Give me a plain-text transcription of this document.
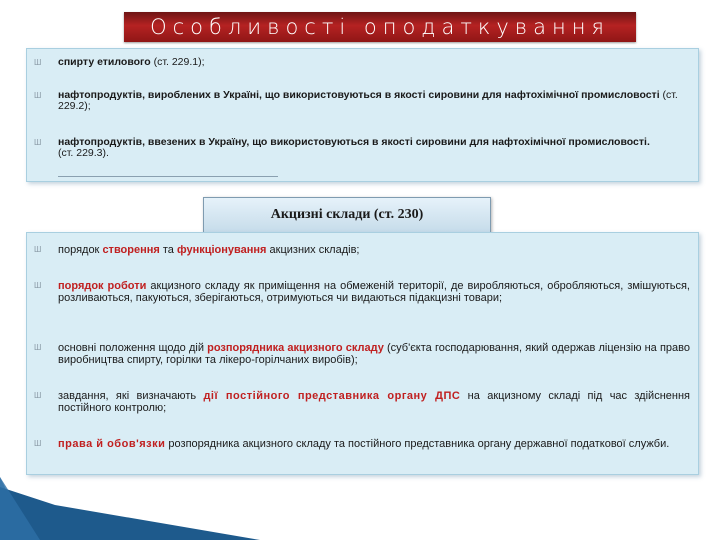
Особливості оподаткування
Ш спирту етилового (ст. 229.1);
Ш нафтопродуктів, вироблених в Україні, що використовуються в якості сировини для нафтохімічної промисловості (ст. 229.2);
Ш нафтопродуктів, ввезених в Україну, що використовуються в якості сировини для нафтохімічної промисловості.
(ст. 229.3).
Акцизні склади (ст. 230)
Ш порядок створення та функціонування акцизних складів;
Ш порядок роботи акцизного складу як приміщення на обмеженій території, де виробляються, обробляються, змішуються, розливаються, пакуються, зберігаються, отримуються чи видаються підакцизні товари;
Ш основні положення щодо дій розпорядника акцизного складу (суб'єкта господарювання, який одержав ліцензію на право виробництва спирту, горілки та лікеро-горілчаних виробів);
Ш завдання, які визначають дії постійного представника органу ДПС на акцизному складі під час здійснення постійного контролю;
Ш права й обов'язки розпорядника акцизного складу та постійного представника органу державної податкової служби.
